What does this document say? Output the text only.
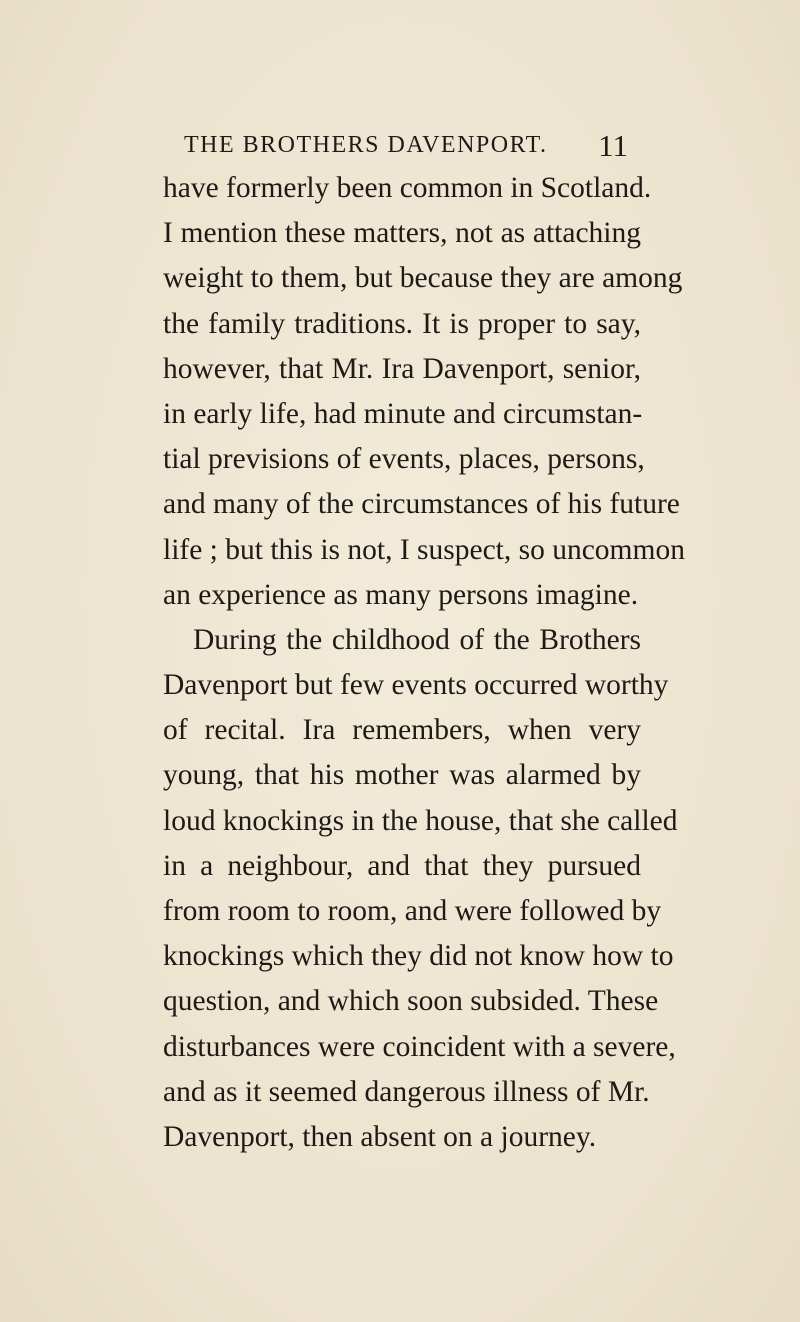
THE BROTHERS DAVENPORT. 11
have formerly been common in Scotland.
I mention these matters, not as attaching
weight to them, but because they are among
the family traditions. It is proper to say,
however, that Mr. Ira Davenport, senior,
in early life, had minute and circumstan-
tial previsions of events, places, persons,
and many of the circumstances of his future
life ; but this is not, I suspect, so uncommon
an experience as many persons imagine.
During the childhood of the Brothers
Davenport but few events occurred worthy
of recital. Ira remembers, when very
young, that his mother was alarmed by
loud knockings in the house, that she called
in a neighbour, and that they pursued
from room to room, and were followed by
knockings which they did not know how to
question, and which soon subsided. These
disturbances were coincident with a severe,
and as it seemed dangerous illness of Mr.
Davenport, then absent on a journey.
